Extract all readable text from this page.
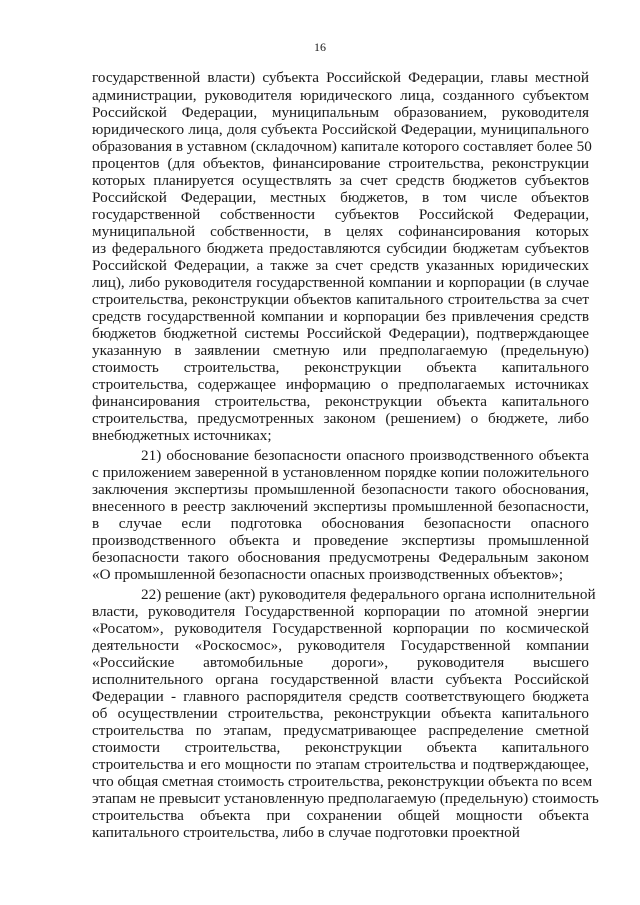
16
государственной власти) субъекта Российской Федерации, главы местной
администрации, руководителя юридического лица, созданного субъектом
Российской Федерации, муниципальным образованием, руководителя
юридического лица, доля субъекта Российской Федерации, муниципального
образования в уставном (складочном) капитале которого составляет более 50
процентов (для объектов, финансирование строительства, реконструкции
которых планируется осуществлять за счет средств бюджетов субъектов
Российской Федерации, местных бюджетов, в том числе объектов
государственной собственности субъектов Российской Федерации,
муниципальной собственности, в целях софинансирования которых
из федерального бюджета предоставляются субсидии бюджетам субъектов
Российской Федерации, а также за счет средств указанных юридических
лиц), либо руководителя государственной компании и корпорации (в случае
строительства, реконструкции объектов капитального строительства за счет
средств государственной компании и корпорации без привлечения средств
бюджетов бюджетной системы Российской Федерации), подтверждающее
указанную в заявлении сметную или предполагаемую (предельную)
стоимость строительства, реконструкции объекта капитального
строительства, содержащее информацию о предполагаемых источниках
финансирования строительства, реконструкции объекта капитального
строительства, предусмотренных законом (решением) о бюджете, либо
внебюджетных источниках;
21) обоснование безопасности опасного производственного объекта
с приложением заверенной в установленном порядке копии положительного
заключения экспертизы промышленной безопасности такого обоснования,
внесенного в реестр заключений экспертизы промышленной безопасности,
в случае если подготовка обоснования безопасности опасного
производственного объекта и проведение экспертизы промышленной
безопасности такого обоснования предусмотрены Федеральным законом
«О промышленной безопасности опасных производственных объектов»;
22) решение (акт) руководителя федерального органа исполнительной
власти, руководителя Государственной корпорации по атомной энергии
«Росатом», руководителя Государственной корпорации по космической
деятельности «Роскосмос», руководителя Государственной компании
«Российские автомобильные дороги», руководителя высшего
исполнительного органа государственной власти субъекта Российской
Федерации - главного распорядителя средств соответствующего бюджета
об осуществлении строительства, реконструкции объекта капитального
строительства по этапам, предусматривающее распределение сметной
стоимости строительства, реконструкции объекта капитального
строительства и его мощности по этапам строительства и подтверждающее,
что общая сметная стоимость строительства, реконструкции объекта по всем
этапам не превысит установленную предполагаемую (предельную) стоимость
строительства объекта при сохранении общей мощности объекта
капитального строительства, либо в случае подготовки проектной
